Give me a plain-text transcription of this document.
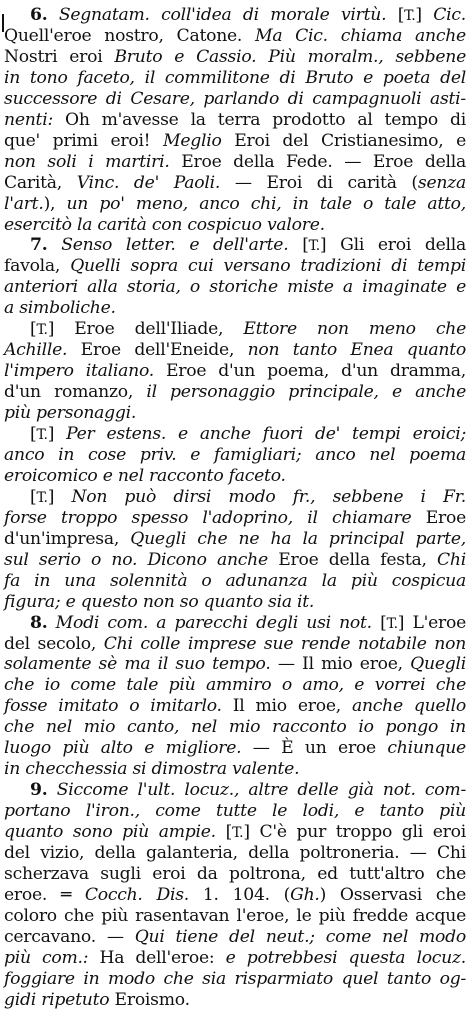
6. Segnatam. coll'idea di morale virtù. [T.] Cic.
Quell'eroe nostro, Catone. Ma Cic. chiama anche
Nostri eroi Bruto e Cassio. Più moralm., sebbene
in tono faceto, il commilitone di Bruto e poeta del
successore di Cesare, parlando di campagnuoli asti-
nenti: Oh m'avesse la terra prodotto al tempo di
que' primi eroi! Meglio Eroi del Cristianesimo, e
non soli i martiri. Eroe della Fede. — Eroe della
Carità, Vinc. de' Paoli. — Eroi di carità (senza
l'art.), un po' meno, anco chi, in tale o tale atto,
esercitò la carità con cospicuo valore.
7. Senso letter. e dell'arte. [T.] Gli eroi della
favola, Quelli sopra cui versano tradizioni di tempi
anteriori alla storia, o storiche miste a imaginate e
a simboliche.
[T.] Eroe dell'Iliade, Ettore non meno che
Achille. Eroe dell'Eneide, non tanto Enea quanto
l'impero italiano. Eroe d'un poema, d'un dramma,
d'un romanzo, il personaggio principale, e anche
più personaggi.
[T.] Per estens. e anche fuori de' tempi eroici;
anco in cose priv. e famigliari; anco nel poema
eroicomico e nel racconto faceto.
[T.] Non può dirsi modo fr., sebbene i Fr.
forse troppo spesso l'adoprino, il chiamare Eroe
d'un'impresa, Quegli che ne ha la principal parte,
sul serio o no. Dicono anche Eroe della festa, Chi
fa in una solennità o adunanza la più cospicua
figura; e questo non so quanto sia it.
8. Modi com. a parecchi degli usi not. [T.] L'eroe
del secolo, Chi colle imprese sue rende notabile non
solamente sè ma il suo tempo. — Il mio eroe, Quegli
che io come tale più ammiro o amo, e vorrei che
fosse imitato o imitarlo. Il mio eroe, anche quello
che nel mio canto, nel mio racconto io pongo in
luogo più alto e migliore. — È un eroe chiunque
in checchessia si dimostra valente.
9. Siccome l'ult. locuz., altre delle già not. com-
portano l'iron., come tutte le lodi, e tanto più
quanto sono più ampie. [T.] C'è pur troppo gli eroi
del vizio, della galanteria, della poltroneria. — Chi
scherzava sugli eroi da poltrona, ed tutt'altro che
eroe. ═ Cocch. Dis. 1. 104. (Gh.) Osservasi che
coloro che più rasentavan l'eroe, le più fredde acque
cercavano. — Qui tiene del neut.; come nel modo
più com.: Ha dell'eroe: e potrebbesi questa locuz.
foggiare in modo che sia risparmiato quel tanto og-
gidi ripetuto Eroismo.
